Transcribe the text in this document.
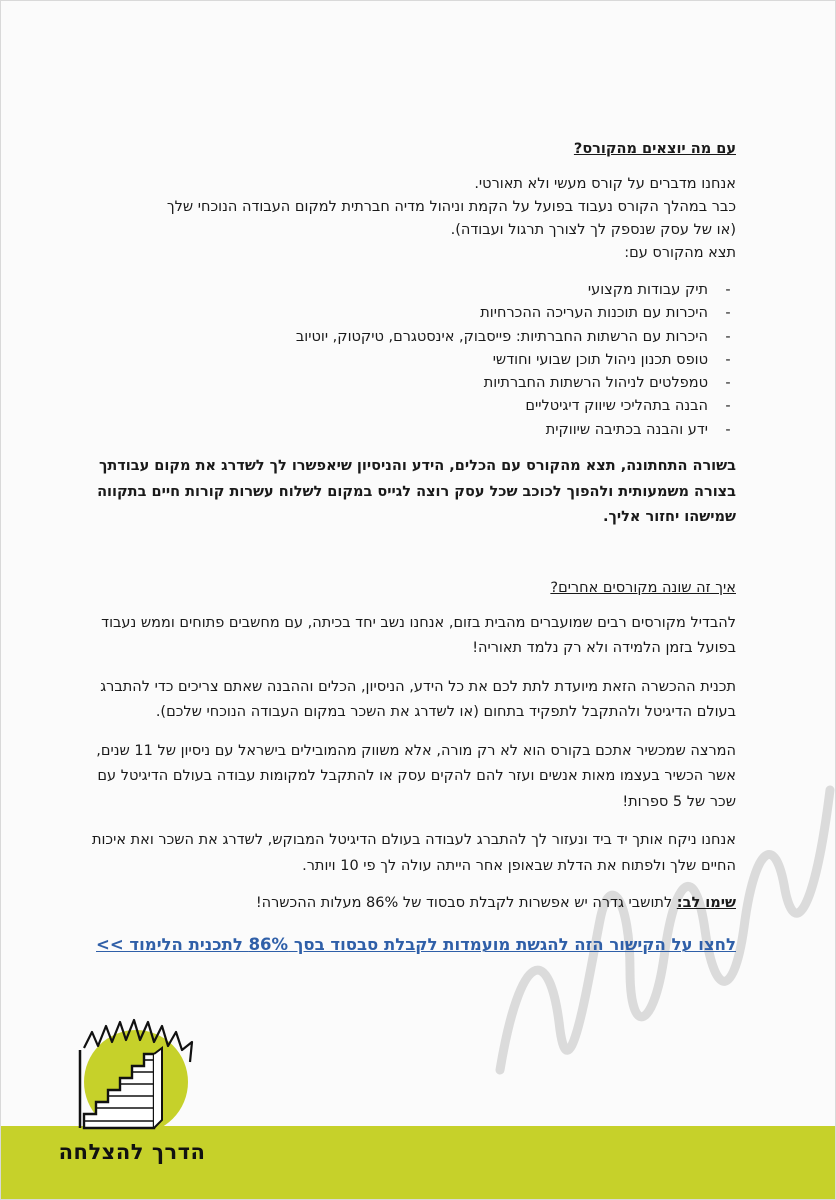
עם מה יוצאים מהקורס?

אנחנו מדברים על קורס מעשי ולא תאורטי.

כבר במהלך הקורס נעבוד בפועל על הקמת וניהול מדיה חברתית למקום העבודה הנוכחי שלך

(או של עסק שנספק לך לצורך תרגול ועבודה).

תצא מהקורס עם:

-
תיק עבודות מקצועי
-
היכרות עם תוכנות העריכה ההכרחיות
-
היכרות עם הרשתות החברתיות: פייסבוק, אינסטגרם, טיקטוק, יוטיוב
-
טופס תכנון ניהול תוכן שבועי וחודשי
-
טמפלטים לניהול הרשתות החברתיות
-
הבנה בתהליכי שיווק דיגיטליים
-
ידע והבנה בכתיבה שיווקית

בשורה התחתונה, תצא מהקורס עם הכלים, הידע והניסיון שיאפשרו לך לשדרג את מקום עבודתך בצורה משמעותית ולהפוך לכוכב שכל עסק רוצה לגייס במקום לשלוח עשרות קורות חיים בתקווה שמישהו יחזור אליך.

איך זה שונה מקורסים אחרים?

להבדיל מקורסים רבים שמועברים מהבית בזום, אנחנו נשב יחד בכיתה, עם מחשבים פתוחים וממש נעבוד בפועל בזמן הלמידה ולא רק נלמד תאוריה!

תכנית ההכשרה הזאת מיועדת לתת לכם את כל הידע, הניסיון, הכלים וההבנה שאתם צריכים כדי להתברג בעולם הדיגיטל ולהתקבל לתפקיד בתחום (או לשדרג את השכר במקום העבודה הנוכחי שלכם).

המרצה שמכשיר אתכם בקורס הוא לא רק מורה, אלא משווק מהמובילים בישראל עם ניסיון של 11 שנים, אשר הכשיר בעצמו מאות אנשים ועזר להם להקים עסק או להתקבל למקומות עבודה בעולם הדיגיטל עם שכר של 5 ספרות!

אנחנו ניקח אותך יד ביד ונעזור לך להתברג לעבודה בעולם הדיגיטל המבוקש, לשדרג את השכר ואת איכות החיים שלך ולפתוח את הדלת שבאופן אחר הייתה עולה לך פי 10 ויותר.

שימו לב: לתושבי גדרה יש אפשרות לקבלת סבסוד של 86% מעלות ההכשרה!

לחצו על הקישור הזה להגשת מועמדות לקבלת סבסוד בסך 86% לתכנית הלימוד >>
הדרך להצלחה
